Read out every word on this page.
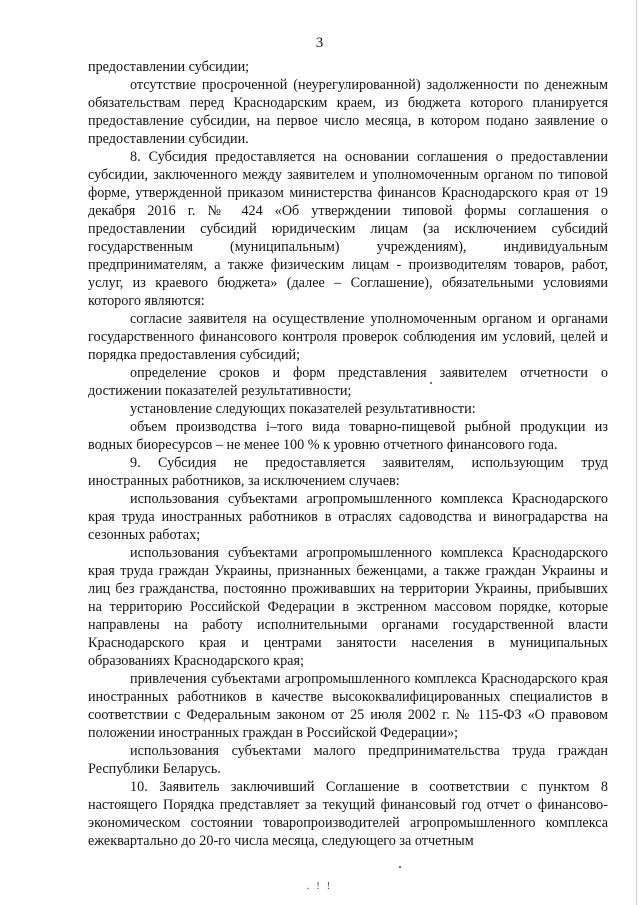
3

предоставлении субсидии;

отсутствие просроченной (неурегулированной) задолженности по денежным обязательствам перед Краснодарским краем, из бюджета которого планируется предоставление субсидии, на первое число месяца, в котором подано заявление о предоставлении субсидии.

8. Субсидия предоставляется на основании соглашения о предоставлении субсидии, заключенного между заявителем и уполномоченным органом по типовой форме, утвержденной приказом министерства финансов Краснодарского края от 19 декабря 2016 г. № 424 «Об утверждении типовой формы соглашения о предоставлении субсидий юридическим лицам (за исключением субсидий государственным (муниципальным) учреждениям), индивидуальным предпринимателям, а также физическим лицам - производителям товаров, работ, услуг, из краевого бюджета» (далее – Соглашение), обязательными условиями которого являются:

согласие заявителя на осуществление уполномоченным органом и органами государственного финансового контроля проверок соблюдения им условий, целей и порядка предоставления субсидий;

определение сроков и форм представления заявителем отчетности о достижении показателей результативности;

установление следующих показателей результативности:

объем производства i–того вида товарно-пищевой рыбной продукции из водных биоресурсов – не менее 100 % к уровню отчетного финансового года.

9. Субсидия не предоставляется заявителям, использующим труд иностранных работников, за исключением случаев:

использования субъектами агропромышленного комплекса Краснодарского края труда иностранных работников в отраслях садоводства и виноградарства на сезонных работах;

использования субъектами агропромышленного комплекса Краснодарского края труда граждан Украины, признанных беженцами, а также граждан Украины и лиц без гражданства, постоянно проживавших на территории Украины, прибывших на территорию Российской Федерации в экстренном массовом порядке, которые направлены на работу исполнительными органами государственной власти Краснодарского края и центрами занятости населения в муниципальных образованиях Краснодарского края;

привлечения субъектами агропромышленного комплекса Краснодарского края иностранных работников в качестве высококвалифицированных специалистов в соответствии с Федеральным законом от 25 июля 2002 г. № 115-ФЗ «О правовом положении иностранных граждан в Российской Федерации»;

использования субъектами малого предпринимательства труда граждан Республики Беларусь.

10. Заявитель заключивший Соглашение в соответствии с пунктом 8 настоящего Порядка представляет за текущий финансовый год отчет о финансово-экономическом состоянии товаропроизводителей агропромышленного комплекса ежеквартально до 20-го числа месяца, следующего за отчетным

. ! !
